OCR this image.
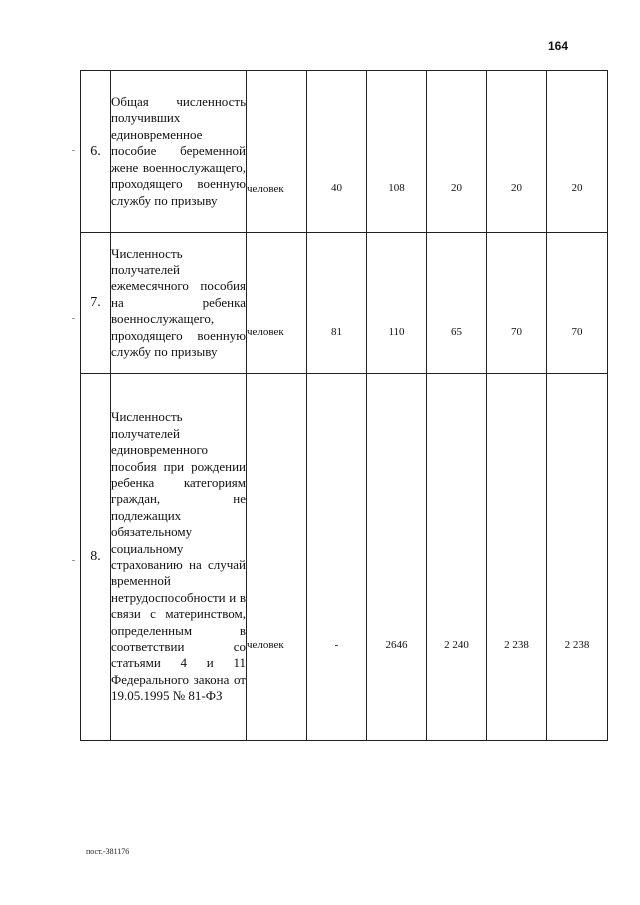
164
6.	Общая численность получивших единовременное пособие беременной жене военнослужащего, проходящего военную службу по призыву	человек	40	108	20	20	20

7.	Численность получателей ежемесячного пособия на ребенка военнослужащего, проходящего военную службу по призыву	человек	81	110	65	70	70

8.	Численность получателей единовременного пособия при рождении ребенка категориям граждан, не подлежащих обязательному социальному страхованию на случай временной нетрудоспособности и в связи с материнством, определенным в соответствии со статьями 4 и 11 Федерального закона от 19.05.1995 № 81-ФЗ	человек	-	2646	2 240	2 238	2 238
пост.-381176
